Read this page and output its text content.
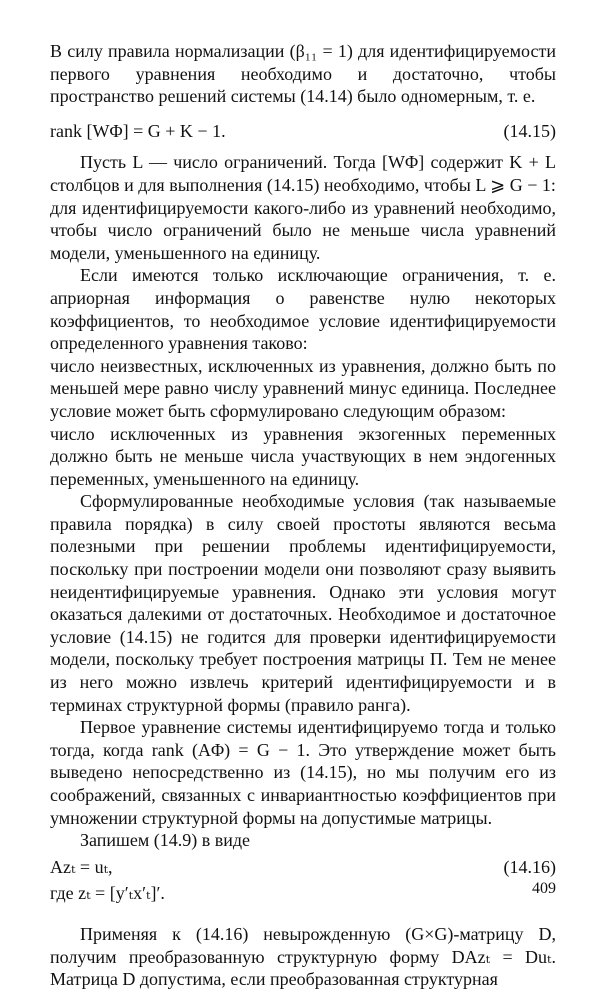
В силу правила нормализации (β₁₁ = 1) для идентифицируемости первого уравнения необходимо и достаточно, чтобы пространство решений системы (14.14) было одномерным, т. е.

rank [WΦ] = G + K − 1.	(14.15)

Пусть L — число ограничений. Тогда [WΦ] содержит K + L столбцов и для выполнения (14.15) необходимо, чтобы L ⩾ G − 1:

для идентифицируемости какого-либо из уравнений необходимо, чтобы число ограничений было не меньше числа уравнений модели, уменьшенного на единицу.

Если имеются только исключающие ограничения, т. е. априорная информация о равенстве нулю некоторых коэффициентов, то необходимое условие идентифицируемости определенного уравнения таково:

число неизвестных, исключенных из уравнения, должно быть по меньшей мере равно числу уравнений минус единица. Последнее условие может быть сформулировано следующим образом:

число исключенных из уравнения экзогенных переменных должно быть не меньше числа участвующих в нем эндогенных переменных, уменьшенного на единицу.

Сформулированные необходимые условия (так называемые правила порядка) в силу своей простоты являются весьма полезными при решении проблемы идентифицируемости, поскольку при построении модели они позволяют сразу выявить неидентифицируемые уравнения. Однако эти условия могут оказаться далекими от достаточных. Необходимое и достаточное условие (14.15) не годится для проверки идентифицируемости модели, поскольку требует построения матрицы Π. Тем не менее из него можно извлечь критерий идентифицируемости и в терминах структурной формы (правило ранга).

Первое уравнение системы идентифицируемо тогда и только тогда, когда rank (AΦ) = G − 1. Это утверждение может быть выведено непосредственно из (14.15), но мы получим его из соображений, связанных с инвариантностью коэффициентов при умножении структурной формы на допустимые матрицы.

Запишем (14.9) в виде

Azₜ = uₜ,	(14.16)

где zₜ = [y′ₜx′ₜ]′.

Применяя к (14.16) невырожденную (G×G)-матрицу D, получим преобразованную структурную форму DAzₜ = Duₜ. Матрица D допустима, если преобразованная структурная

409
